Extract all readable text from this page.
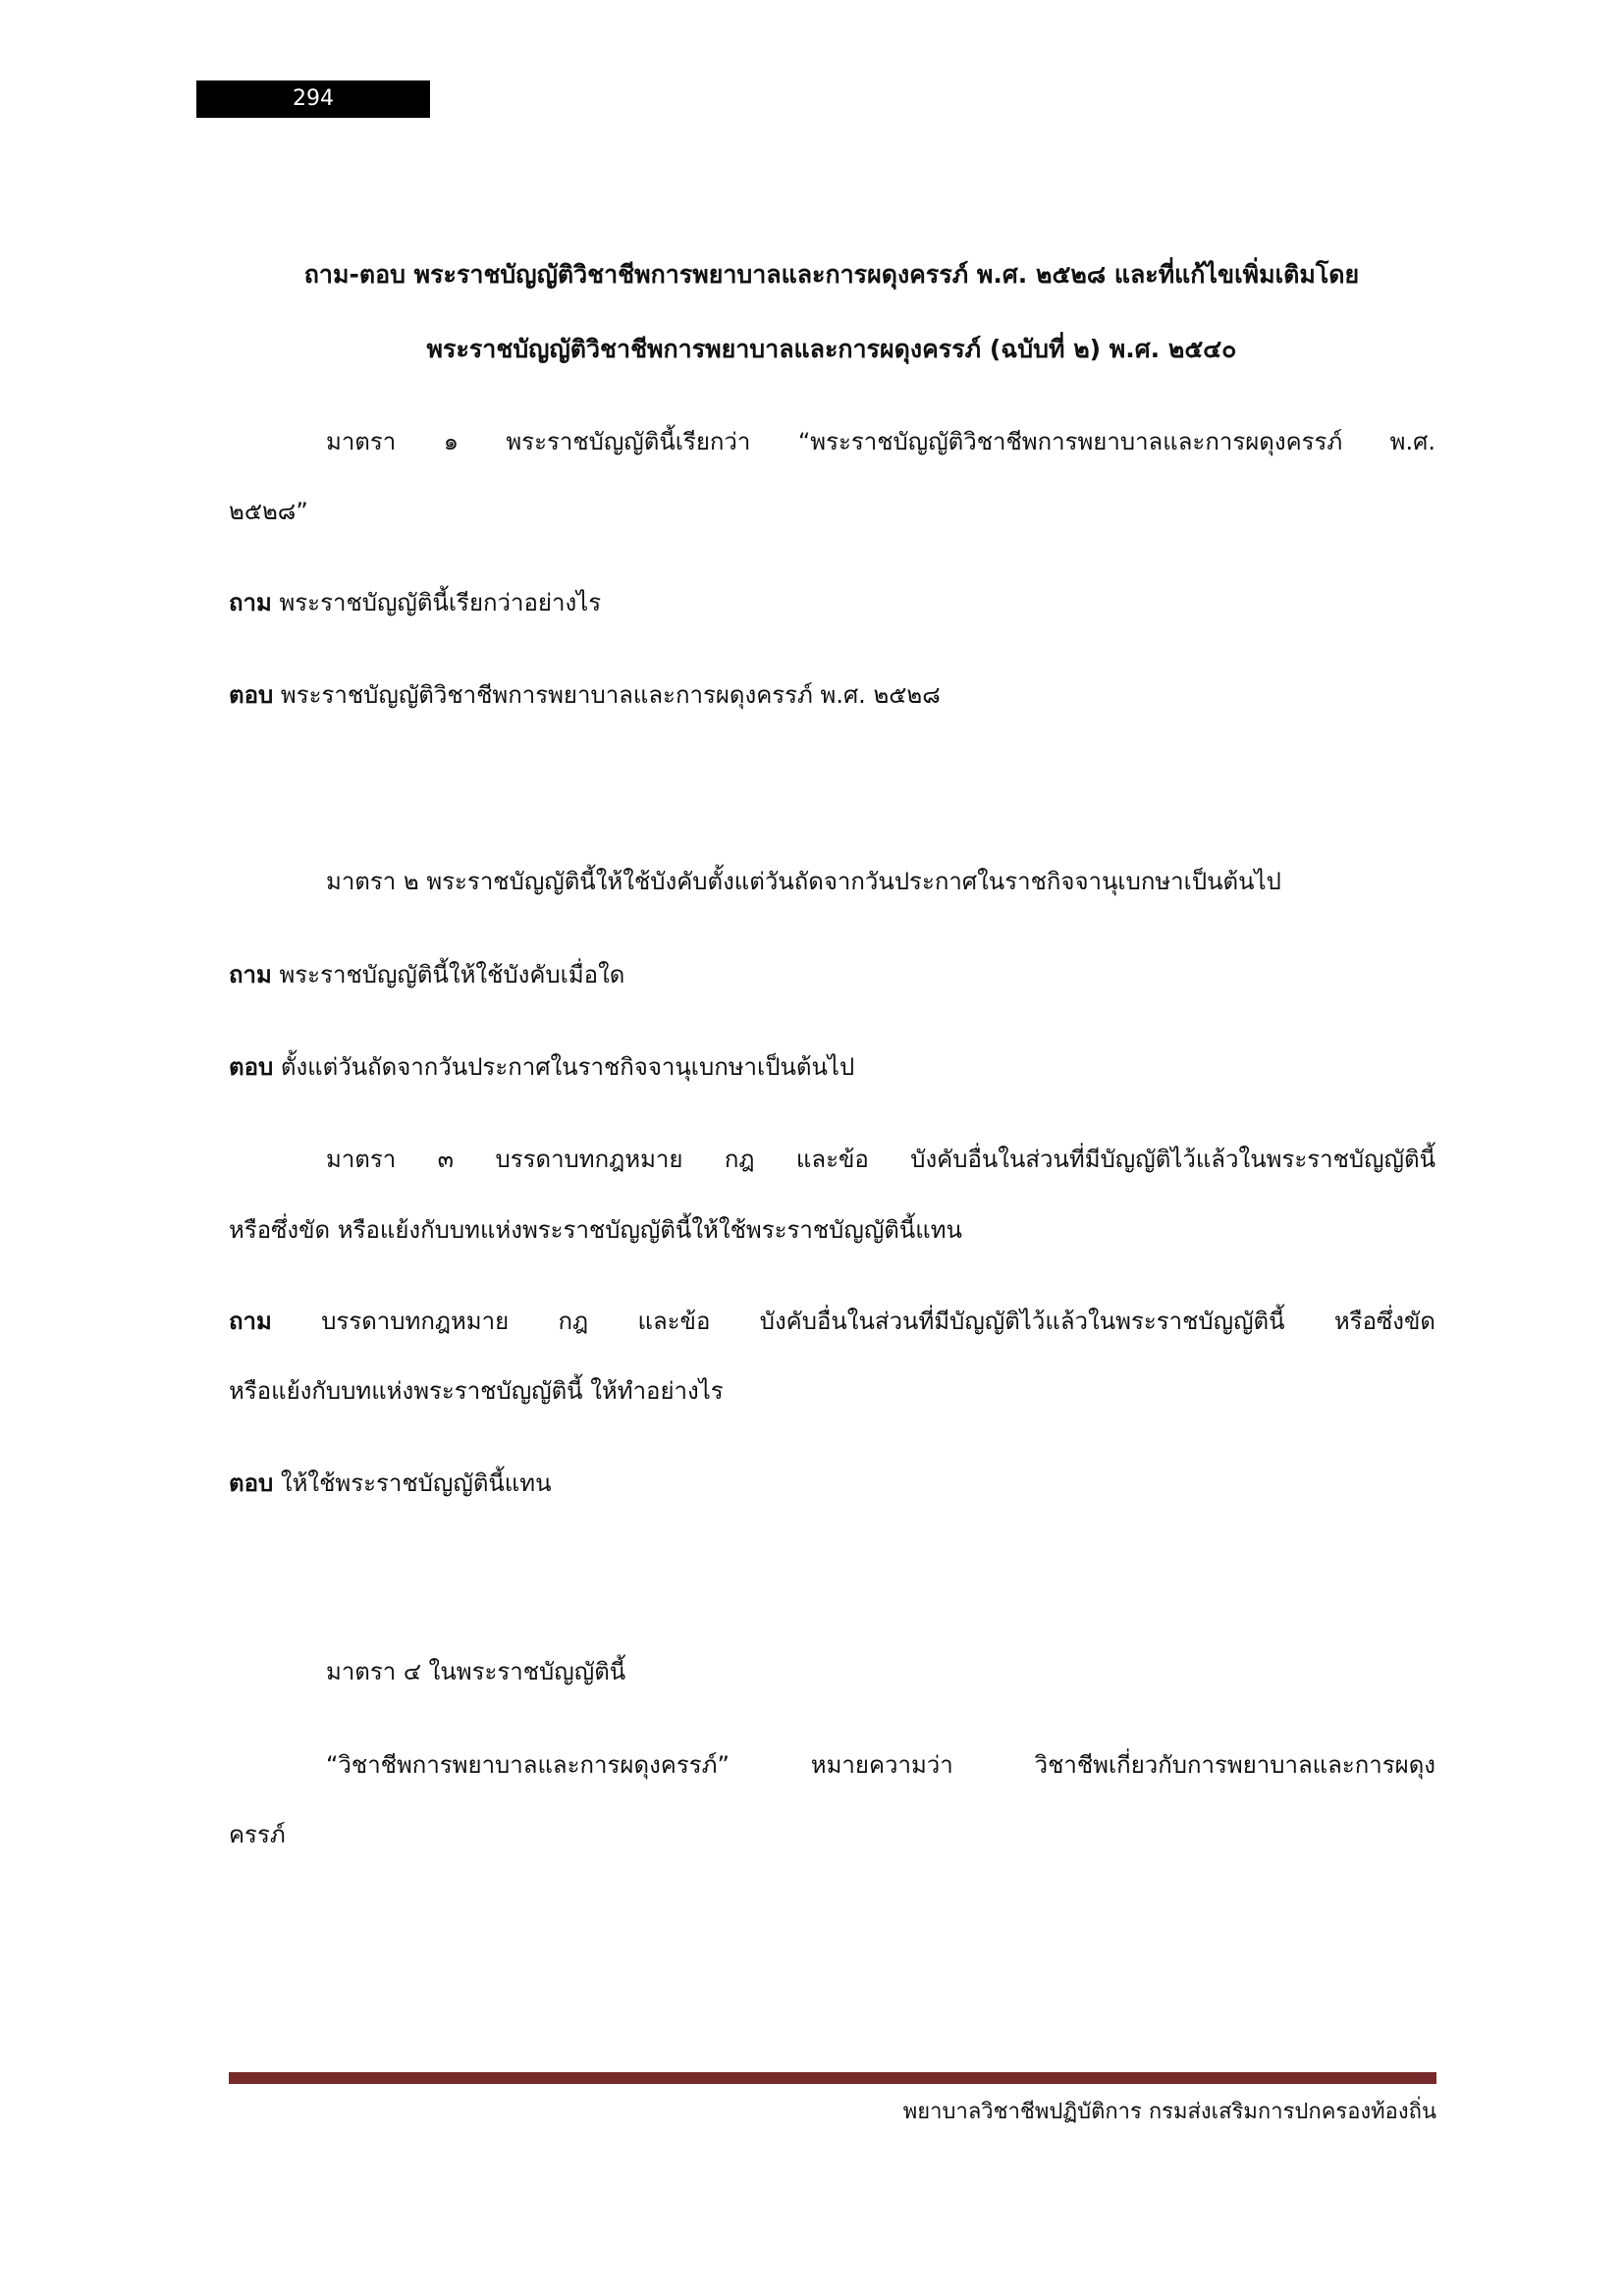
294
ถาม-ตอบ พระราชบัญญัติวิชาชีพการพยาบาลและการผดุงครรภ์ พ.ศ. ๒๕๒๘ และที่แก้ไขเพิ่มเติมโดย
พระราชบัญญัติวิชาชีพการพยาบาลและการผดุงครรภ์ (ฉบับที่ ๒) พ.ศ. ๒๕๔๐
มาตรา ๑ พระราชบัญญัตินี้เรียกว่า “พระราชบัญญัติวิชาชีพการพยาบาลและการผดุงครรภ์ พ.ศ.
๒๕๒๘”
ถาม พระราชบัญญัตินี้เรียกว่าอย่างไร
ตอบ พระราชบัญญัติวิชาชีพการพยาบาลและการผดุงครรภ์ พ.ศ. ๒๕๒๘
มาตรา ๒ พระราชบัญญัตินี้ให้ใช้บังคับตั้งแต่วันถัดจากวันประกาศในราชกิจจานุเบกษาเป็นต้นไป
ถาม พระราชบัญญัตินี้ให้ใช้บังคับเมื่อใด
ตอบ ตั้งแต่วันถัดจากวันประกาศในราชกิจจานุเบกษาเป็นต้นไป
มาตรา ๓ บรรดาบทกฎหมาย กฎ และข้อ บังคับอื่นในส่วนที่มีบัญญัติไว้แล้วในพระราชบัญญัตินี้
หรือซึ่งขัด หรือแย้งกับบทแห่งพระราชบัญญัตินี้ให้ใช้พระราชบัญญัตินี้แทน
ถาม บรรดาบทกฎหมาย กฎ และข้อ บังคับอื่นในส่วนที่มีบัญญัติไว้แล้วในพระราชบัญญัตินี้ หรือซึ่งขัด
หรือแย้งกับบทแห่งพระราชบัญญัตินี้ ให้ทำอย่างไร
ตอบ ให้ใช้พระราชบัญญัตินี้แทน
มาตรา ๔ ในพระราชบัญญัตินี้
“วิชาชีพการพยาบาลและการผดุงครรภ์” หมายความว่า วิชาชีพเกี่ยวกับการพยาบาลและการผดุง
ครรภ์
พยาบาลวิชาชีพปฏิบัติการ กรมส่งเสริมการปกครองท้องถิ่น
